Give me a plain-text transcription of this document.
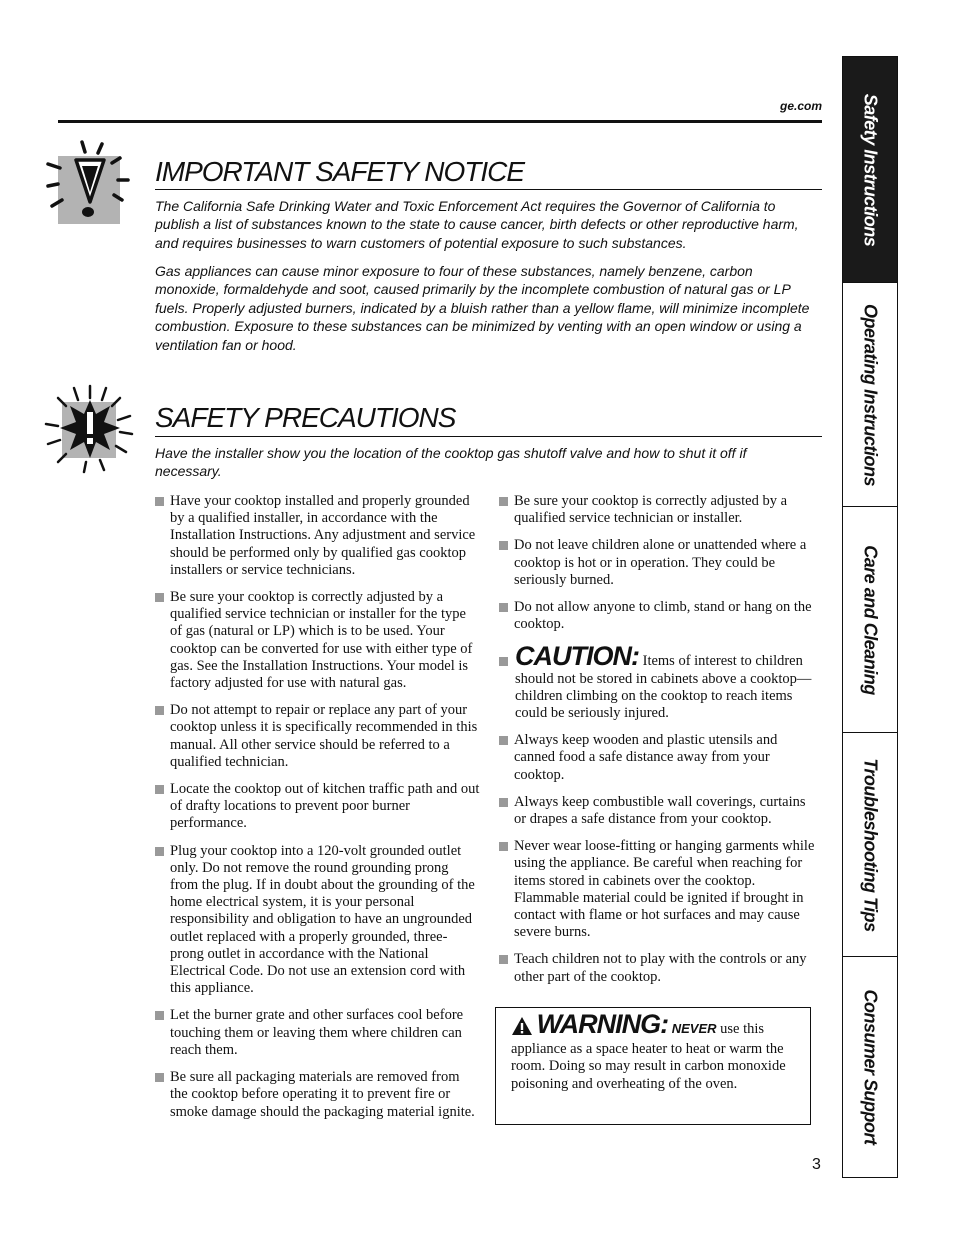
ge.com
IMPORTANT SAFETY NOTICE

The California Safe Drinking Water and Toxic Enforcement Act requires the Governor of California to publish a list of substances known to the state to cause cancer, birth defects or other reproductive harm, and requires businesses to warn customers of potential exposure to such substances.

Gas appliances can cause minor exposure to four of these substances, namely benzene, carbon monoxide, formaldehyde and soot, caused primarily by the incomplete combustion of natural gas or LP fuels. Properly adjusted burners, indicated by a bluish rather than a yellow flame, will minimize incomplete combustion. Exposure to these substances can be minimized by venting with an open window or using a ventilation fan or hood.

SAFETY PRECAUTIONS

Have the installer show you the location of the cooktop gas shutoff valve and how to shut it off if necessary.

Have your cooktop installed and properly grounded by a qualified installer, in accordance with the Installation Instructions. Any adjustment and service should be performed only by qualified gas cooktop installers or service technicians.
Be sure your cooktop is correctly adjusted by a qualified service technician or installer for the type of gas (natural or LP) which is to be used. Your cooktop can be converted for use with either type of gas. See the Installation Instructions. Your model is factory adjusted for use with natural gas.
Do not attempt to repair or replace any part of your cooktop unless it is specifically recommended in this manual. All other service should be referred to a qualified technician.
Locate the cooktop out of kitchen traffic path and out of drafty locations to prevent poor burner performance.
Plug your cooktop into a 120-volt grounded outlet only. Do not remove the round grounding prong from the plug. If in doubt about the grounding of the home electrical system, it is your personal responsibility and obligation to have an ungrounded outlet replaced with a properly grounded, three-prong outlet in accordance with the National Electrical Code. Do not use an extension cord with this appliance.
Let the burner grate and other surfaces cool before touching them or leaving them where children can reach them.
Be sure all packaging materials are removed from the cooktop before operating it to prevent fire or smoke damage should the packaging material ignite.
Be sure your cooktop is correctly adjusted by a qualified service technician or installer.
Do not leave children alone or unattended where a cooktop is hot or in operation. They could be seriously burned.
Do not allow anyone to climb, stand or hang on the cooktop.
CAUTION: Items of interest to children should not be stored in cabinets above a cooktop—children climbing on the cooktop to reach items could be seriously injured.
Always keep wooden and plastic utensils and canned food a safe distance away from your cooktop.
Always keep combustible wall coverings, curtains or drapes a safe distance from your cooktop.
Never wear loose-fitting or hanging garments while using the appliance. Be careful when reaching for items stored in cabinets over the cooktop. Flammable material could be ignited if brought in contact with flame or hot surfaces and may cause severe burns.
Teach children not to play with the controls or any other part of the cooktop.
WARNING: NEVER use this appliance as a space heater to heat or warm the room. Doing so may result in carbon monoxide poisoning and overheating of the oven.
Safety Instructions
Operating Instructions
Care and Cleaning
Troubleshooting Tips
Consumer Support
3
